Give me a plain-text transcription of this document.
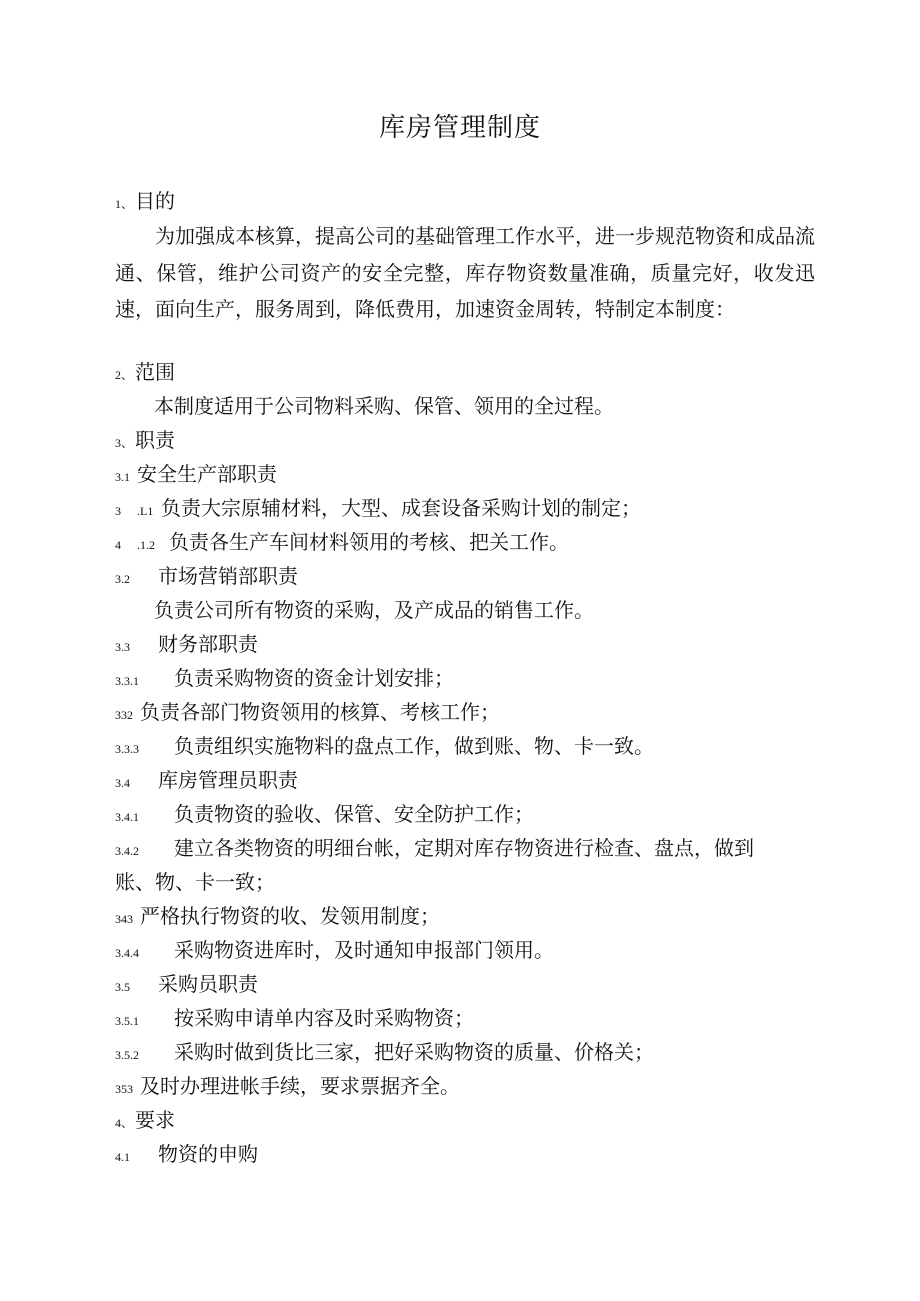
库房管理制度
1、目的
为加强成本核算，提高公司的基础管理工作水平，进一步规范物资和成品流通、保管，维护公司资产的安全完整，库存物资数量准确，质量完好，收发迅速，面向生产，服务周到，降低费用，加速资金周转，特制定本制度：
2、范围
本制度适用于公司物料采购、保管、领用的全过程。
3、职责
3.1 安全生产部职责
3 .L1 负责大宗原辅材料，大型、成套设备采购计划的制定；
4 .1.2 负责各生产车间材料领用的考核、把关工作。
3.2 市场营销部职责
负责公司所有物资的采购，及产成品的销售工作。
3.3 财务部职责
3.3.1 负责采购物资的资金计划安排；
332 负责各部门物资领用的核算、考核工作；
3.3.3 负责组织实施物料的盘点工作，做到账、物、卡一致。
3.4 库房管理员职责
3.4.1 负责物资的验收、保管、安全防护工作；
3.4.2 建立各类物资的明细台帐，定期对库存物资进行检查、盘点，做到
账、物、卡一致；
343 严格执行物资的收、发领用制度；
3.4.4 采购物资进库时，及时通知申报部门领用。
3.5 采购员职责
3.5.1 按采购申请单内容及时采购物资；
3.5.2 采购时做到货比三家，把好采购物资的质量、价格关；
353 及时办理进帐手续，要求票据齐全。
4、要求
4.1 物资的申购
